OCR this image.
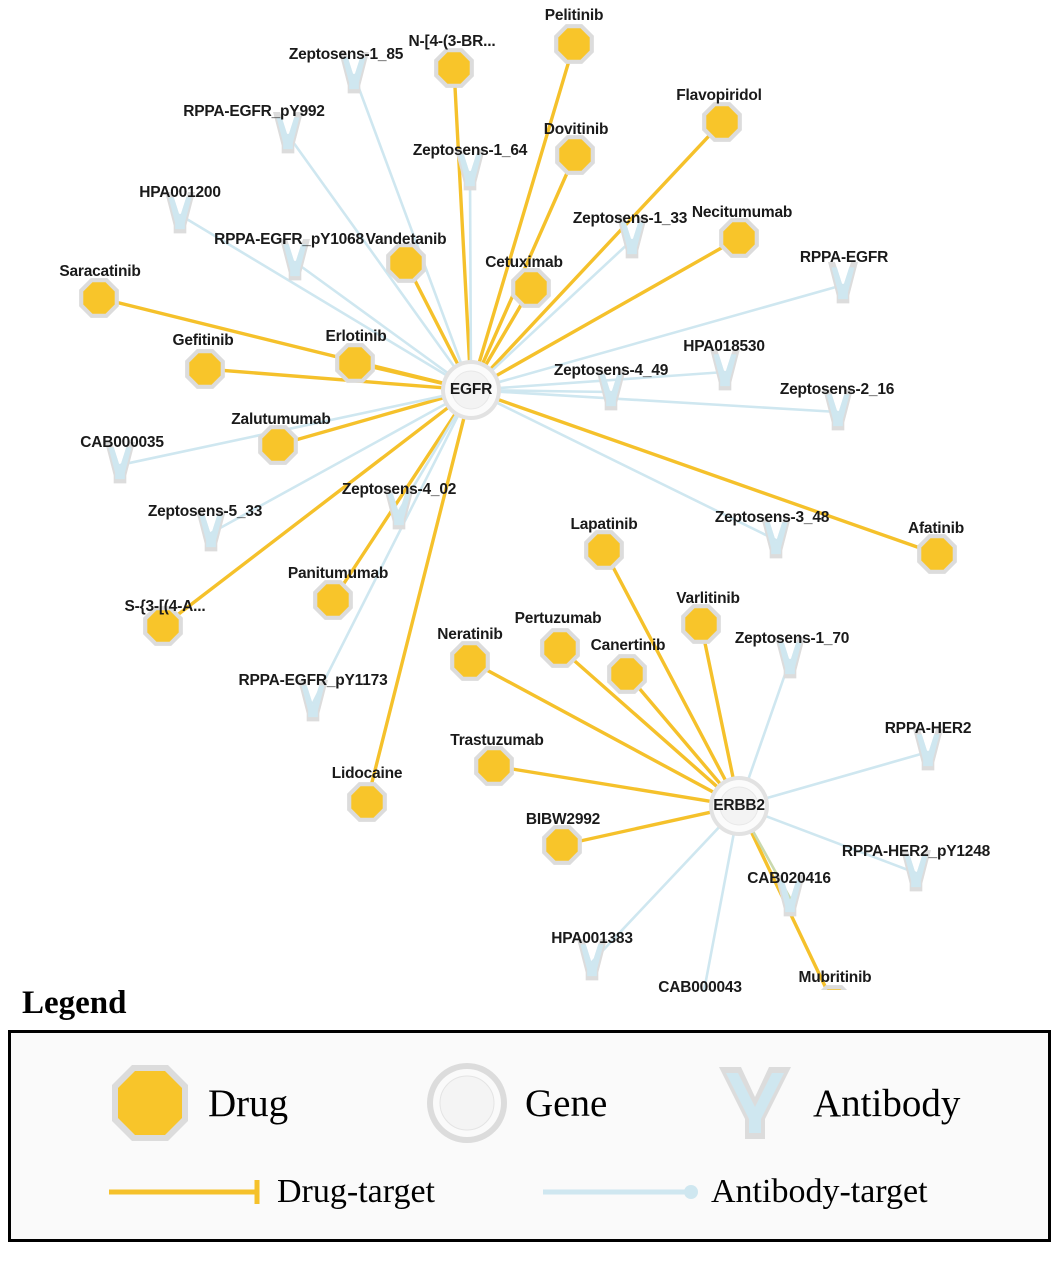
Pelitinib
N-[4-(3-BR...
Flavopiridol
Dovitinib
Necitumumab
Vandetanib
Cetuximab
Saracatinib
Erlotinib
Gefitinib
Zalutumumab
Afatinib
Lapatinib
Panitumumab
Varlitinib
S-{3-[(4-A...
Pertuzumab
Neratinib
Canertinib
Trastuzumab
Lidocaine
BIBW2992
Mubritinib
Zeptosens-1_85
RPPA-EGFR_pY992
Zeptosens-1_64
HPA001200
Zeptosens-1_33
RPPA-EGFR_pY1068
RPPA-EGFR
HPA018530
Zeptosens-4_49
Zeptosens-2_16
CAB000035
Zeptosens-4_02
Zeptosens-5_33	Zeptosens-3_48
Zeptosens-1_70
RPPA-EGFR_pY1173
RPPA-HER2
RPPA-HER2_pY1248
CAB020416
HPA001383
CAB000043
EGFR
ERBB2
Legend
Drug	Gene	Antibody
Drug-target	Antibody-target
